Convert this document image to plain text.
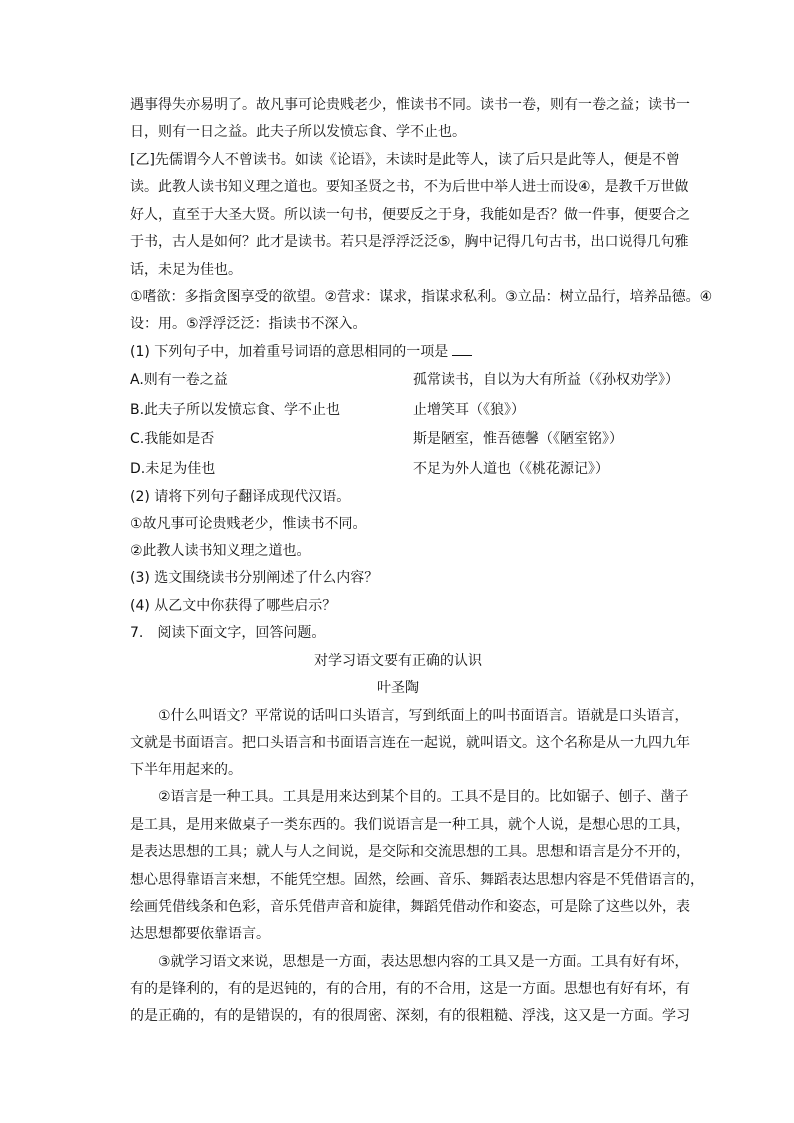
遇事得失亦易明了。故凡事可论贵贱老少，惟读书不同。读书一卷，则有一卷之益；读书一
日，则有一日之益。此夫子所以发愤忘食、学不止也。
[乙]先儒谓今人不曾读书。如读《论语》，未读时是此等人，读了后只是此等人，便是不曾
读。此教人读书知义理之道也。要知圣贤之书，不为后世中举人进士而设④，是教千万世做
好人，直至于大圣大贤。所以读一句书，便要反之于身，我能如是否？做一件事，便要合之
于书，古人是如何？此才是读书。若只是浮浮泛泛⑤，胸中记得几句古书，出口说得几句雅
话，未足为佳也。
①嗜欲：多指贪图享受的欲望。②营求：谋求，指谋求私利。③立品：树立品行，培养品德。④
设：用。⑤浮浮泛泛：指读书不深入。
(1) 下列句子中，加着重号词语的意思相同的一项是
A.则有一卷之益	孤常读书，自以为大有所益（《孙权劝学》）
B.此夫子所以发愤忘食、学不止也	止增笑耳（《狼》）
C.我能如是否	斯是陋室，惟吾德馨（《陋室铭》）
D.未足为佳也	不足为外人道也（《桃花源记》）
(2) 请将下列句子翻译成现代汉语。
①故凡事可论贵贱老少，惟读书不同。
②此教人读书知义理之道也。
(3) 选文围绕读书分别阐述了什么内容？
(4) 从乙文中你获得了哪些启示？
7.　阅读下面文字，回答问题。
对学习语文要有正确的认识
叶圣陶
①什么叫语文？平常说的话叫口头语言，写到纸面上的叫书面语言。语就是口头语言，
文就是书面语言。把口头语言和书面语言连在一起说，就叫语文。这个名称是从一九四九年
下半年用起来的。
②语言是一种工具。工具是用来达到某个目的。工具不是目的。比如锯子、刨子、凿子
是工具，是用来做桌子一类东西的。我们说语言是一种工具，就个人说，是想心思的工具，
是表达思想的工具；就人与人之间说，是交际和交流思想的工具。思想和语言是分不开的，
想心思得靠语言来想，不能凭空想。固然，绘画、音乐、舞蹈表达思想内容是不凭借语言的，
绘画凭借线条和色彩，音乐凭借声音和旋律，舞蹈凭借动作和姿态，可是除了这些以外，表
达思想都要依靠语言。
③就学习语文来说，思想是一方面，表达思想内容的工具又是一方面。工具有好有坏，
有的是锋利的，有的是迟钝的，有的合用，有的不合用，这是一方面。思想也有好有坏，有
的是正确的，有的是错误的，有的很周密、深刻，有的很粗糙、浮浅，这又是一方面。学习
